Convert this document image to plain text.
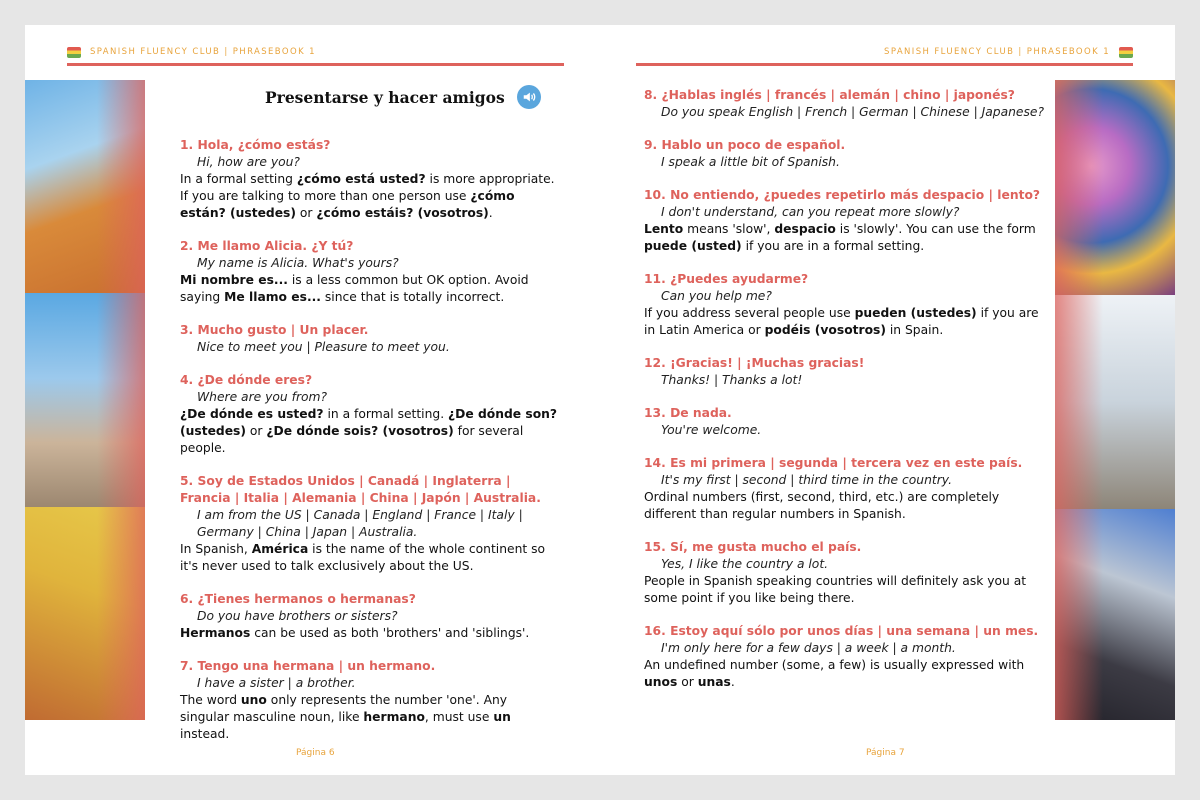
SPANISH FLUENCY CLUB | PHRASEBOOK 1
Presentarse y hacer amigos
1. Hola, ¿cómo estás?
Hi, how are you?
In a formal setting ¿cómo está usted? is more appropriate. If you are talking to more than one person use ¿cómo están? (ustedes) or ¿cómo estáis? (vosotros).
2. Me llamo Alicia. ¿Y tú?
My name is Alicia. What's yours?
Mi nombre es... is a less common but OK option. Avoid saying Me llamo es... since that is totally incorrect.
3. Mucho gusto | Un placer.
Nice to meet you | Pleasure to meet you.
4. ¿De dónde eres?
Where are you from?
¿De dónde es usted? in a formal setting. ¿De dónde son? (ustedes) or ¿De dónde sois? (vosotros) for several people.
5. Soy de Estados Unidos | Canadá | Inglaterra | Francia | Italia | Alemania | China | Japón | Australia.
I am from the US | Canada | England | France | Italy | Germany | China | Japan | Australia.
In Spanish, América is the name of the whole continent so it's never used to talk exclusively about the US.
6. ¿Tienes hermanos o hermanas?
Do you have brothers or sisters?
Hermanos can be used as both 'brothers' and 'siblings'.
7. Tengo una hermana | un hermano.
I have a sister | a brother.
The word uno only represents the number 'one'. Any singular masculine noun, like hermano, must use un instead.
Página 6
SPANISH FLUENCY CLUB | PHRASEBOOK 1
8. ¿Hablas inglés | francés | alemán | chino | japonés?
Do you speak English | French | German | Chinese | Japanese?
9. Hablo un poco de español.
I speak a little bit of Spanish.
10. No entiendo, ¿puedes repetirlo más despacio | lento?
I don't understand, can you repeat more slowly?
Lento means 'slow', despacio is 'slowly'. You can use the form puede (usted) if you are in a formal setting.
11. ¿Puedes ayudarme?
Can you help me?
If you address several people use pueden (ustedes) if you are in Latin America or podéis (vosotros) in Spain.
12. ¡Gracias! | ¡Muchas gracias!
Thanks! | Thanks a lot!
13. De nada.
You're welcome.
14. Es mi primera | segunda | tercera vez en este país.
It's my first | second | third time in the country.
Ordinal numbers (first, second, third, etc.) are completely different than regular numbers in Spanish.
15. Sí, me gusta mucho el país.
Yes, I like the country a lot.
People in Spanish speaking countries will definitely ask you at some point if you like being there.
16. Estoy aquí sólo por unos días | una semana | un mes.
I'm only here for a few days | a week | a month.
An undefined number (some, a few) is usually expressed with unos or unas.
Página 7
